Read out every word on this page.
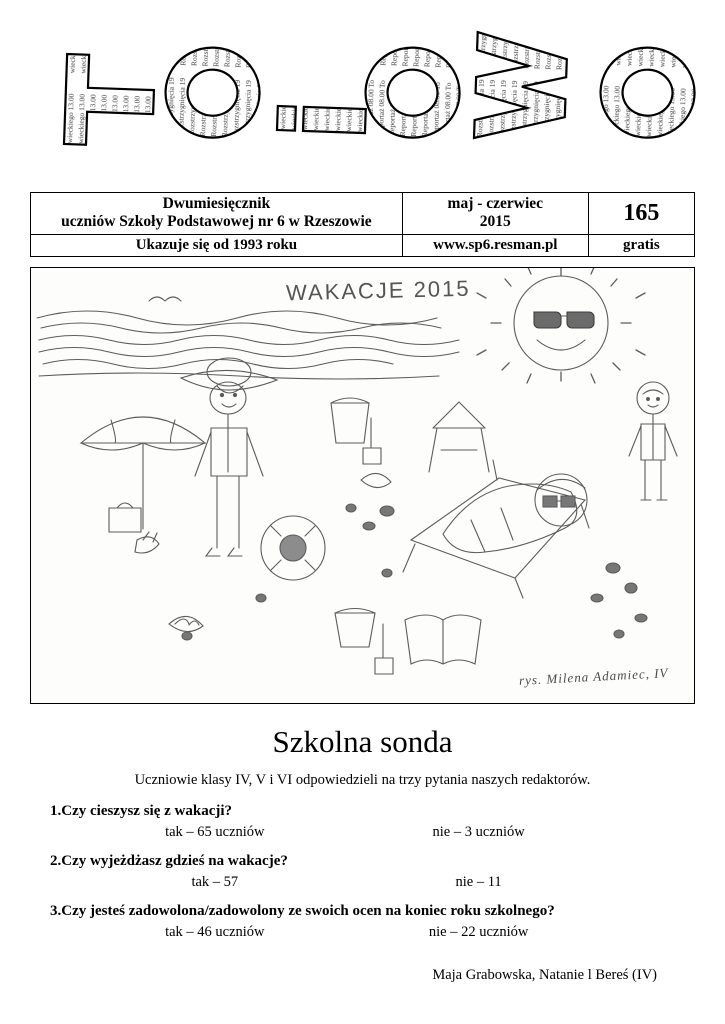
Dwumiesięcznik
uczniów Szkoły Podstawowej nr 6 w Rzeszowie

maj - czerwiec
2015	165
Ukazuje się od 1993 roku	www.sp6.resman.pl	gratis
WAKACJE 2015
rys. Milena Adamiec, IV
Szkolna sonda

Uczniowie klasy IV, V i VI odpowiedzieli na trzy pytania naszych redaktorów.

1.Czy cieszysz się z wakacji?
tak – 65 uczniów	nie – 3 uczniów
2.Czy wyjeżdżasz gdzieś na wakacje?
tak – 57	nie – 11
3.Czy jesteś zadowolona/zadowolony ze swoich ocen na koniec roku szkolnego?
tak – 46 uczniów	nie – 22 uczniów
Maja Grabowska, Natanie l Bereś (IV)
